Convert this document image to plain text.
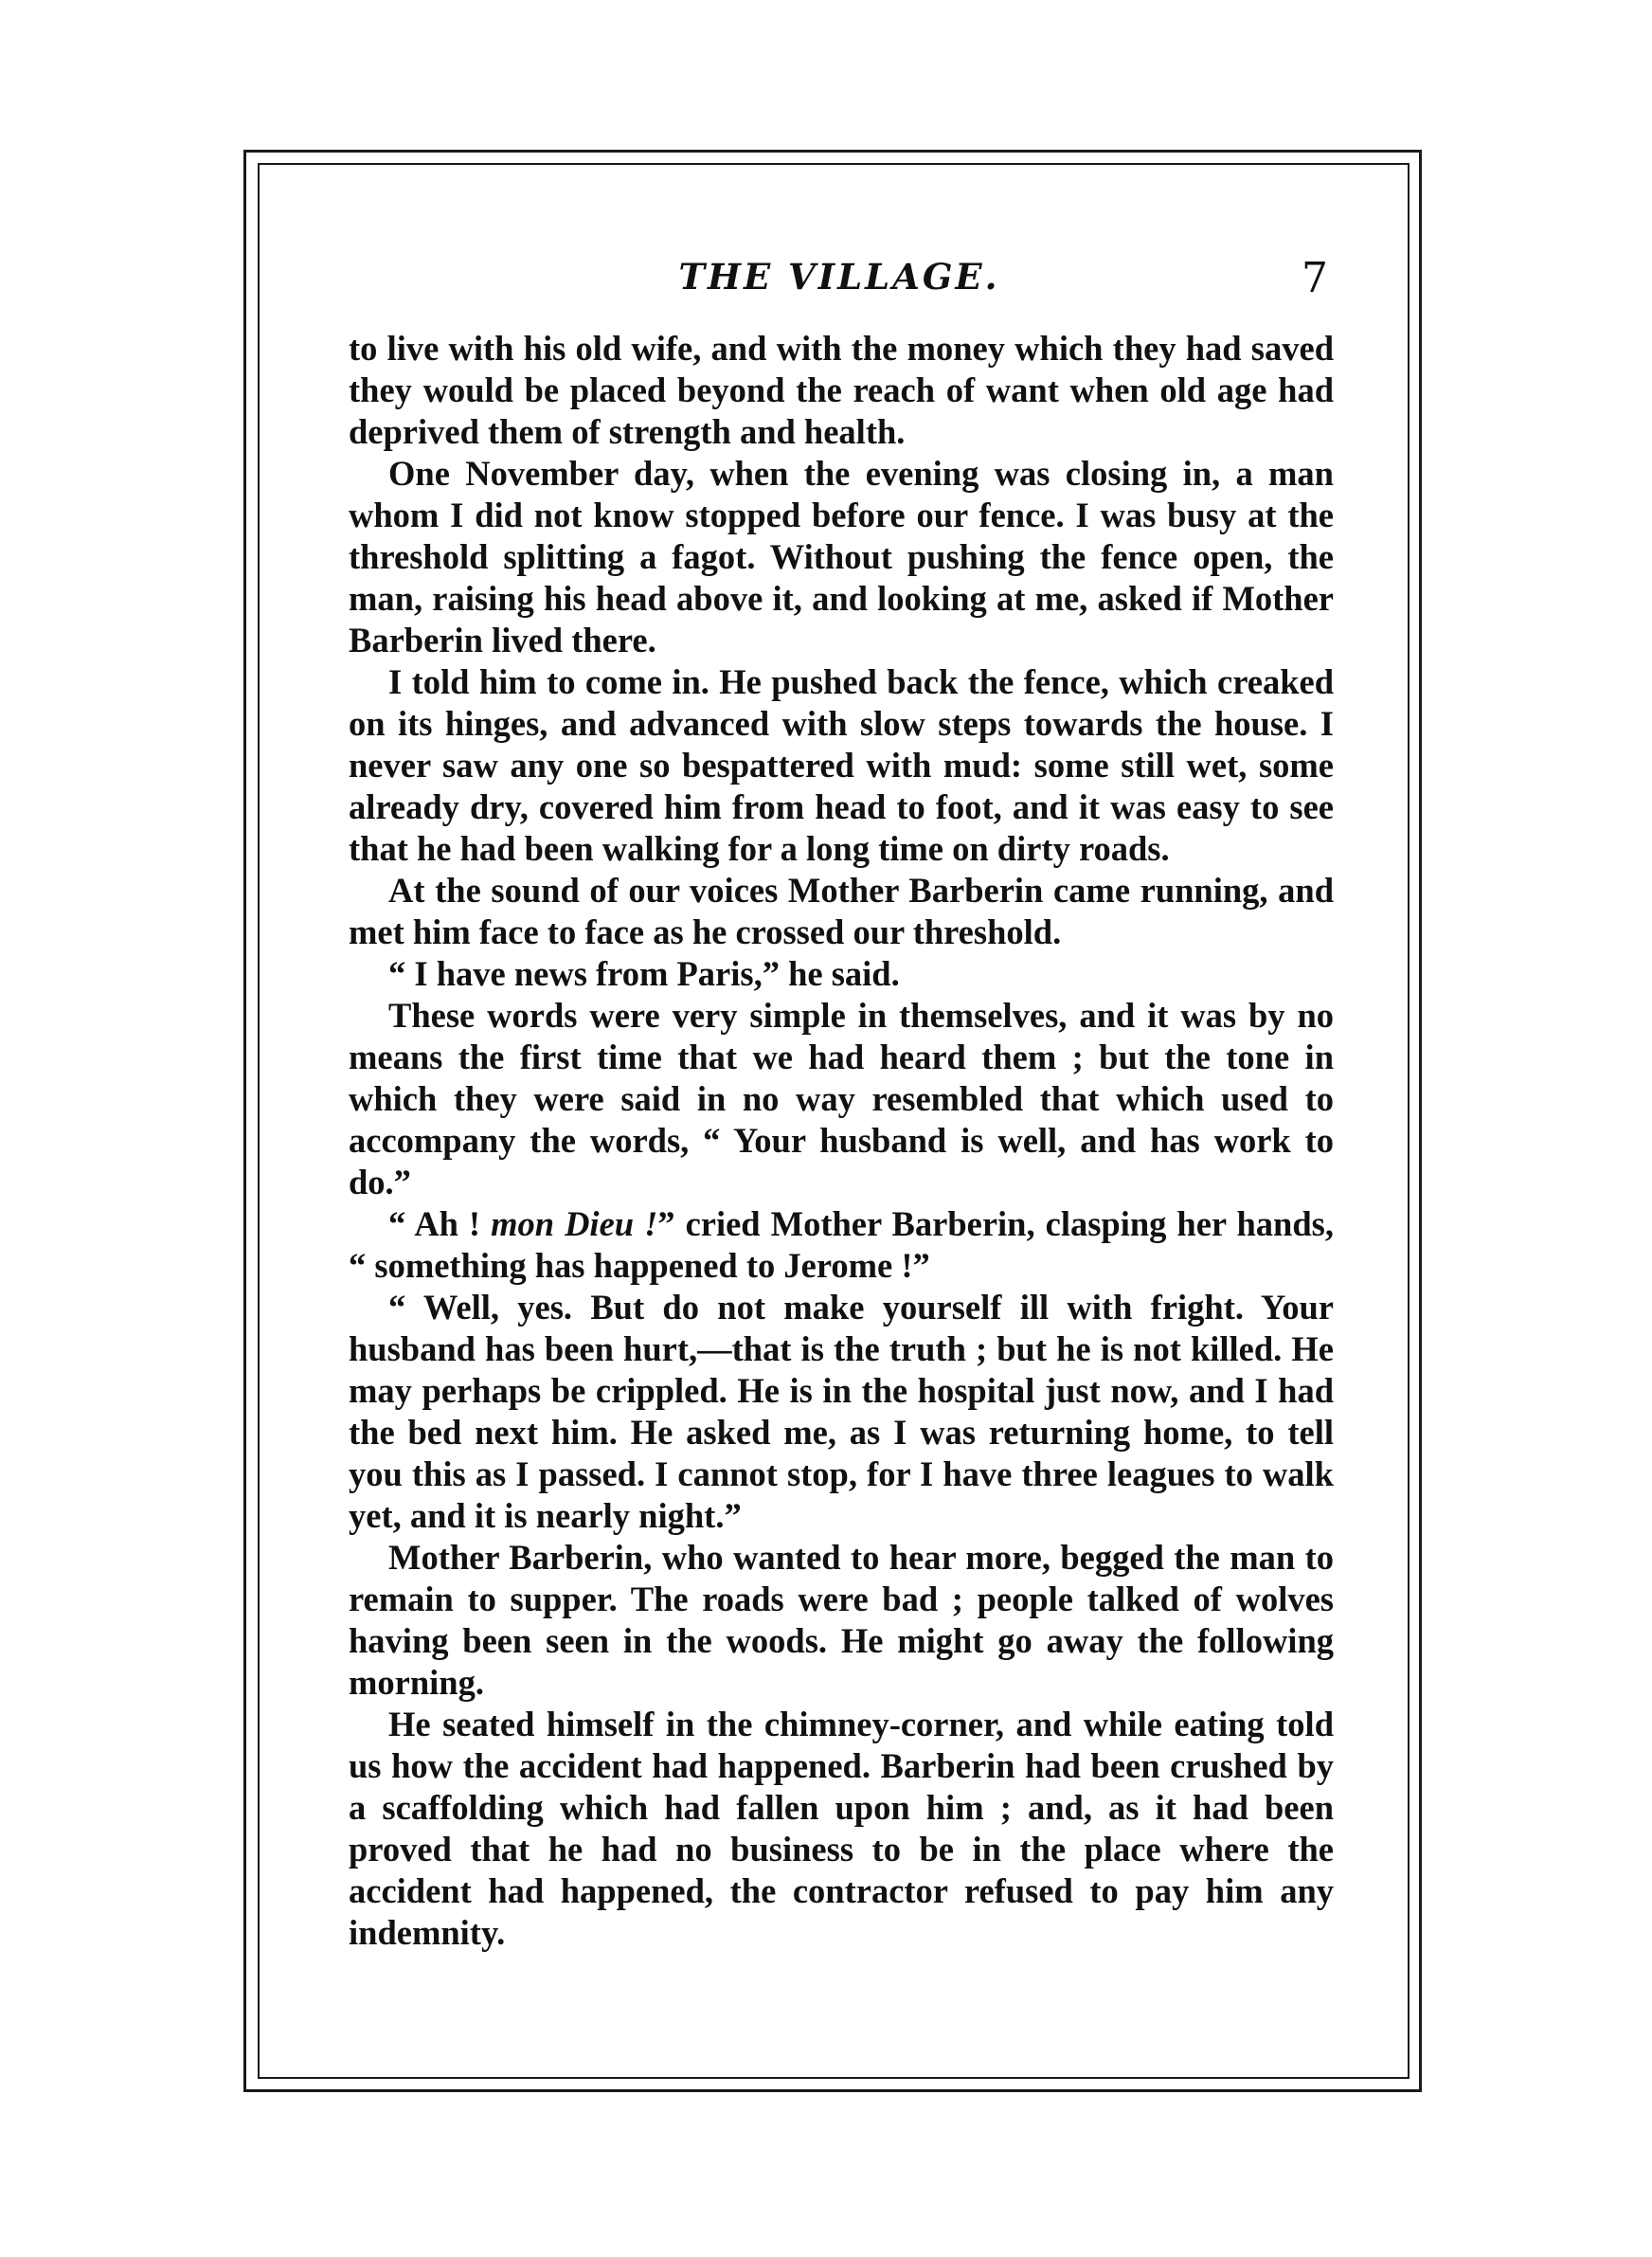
THE VILLAGE.	7

to live with his old wife, and with the money which they had saved they would be placed beyond the reach of want when old age had deprived them of strength and health.

One November day, when the evening was closing in, a man whom I did not know stopped before our fence. I was busy at the threshold splitting a fagot. Without pushing the fence open, the man, raising his head above it, and looking at me, asked if Mother Barberin lived there.

I told him to come in. He pushed back the fence, which creaked on its hinges, and advanced with slow steps towards the house. I never saw any one so bespattered with mud: some still wet, some already dry, covered him from head to foot, and it was easy to see that he had been walking for a long time on dirty roads.

At the sound of our voices Mother Barberin came running, and met him face to face as he crossed our threshold.

“ I have news from Paris,” he said.

These words were very simple in themselves, and it was by no means the first time that we had heard them ; but the tone in which they were said in no way resembled that which used to accompany the words, “ Your husband is well, and has work to do.”

“ Ah ! mon Dieu !” cried Mother Barberin, clasping her hands, “ something has happened to Jerome !”

“ Well, yes. But do not make yourself ill with fright. Your husband has been hurt,—that is the truth ; but he is not killed. He may perhaps be crippled. He is in the hospital just now, and I had the bed next him. He asked me, as I was returning home, to tell you this as I passed. I cannot stop, for I have three leagues to walk yet, and it is nearly night.”

Mother Barberin, who wanted to hear more, begged the man to remain to supper. The roads were bad ; people talked of wolves having been seen in the woods. He might go away the following morning.

He seated himself in the chimney-corner, and while eating told us how the accident had happened. Barberin had been crushed by a scaffolding which had fallen upon him ; and, as it had been proved that he had no business to be in the place where the accident had happened, the contractor refused to pay him any indemnity.
